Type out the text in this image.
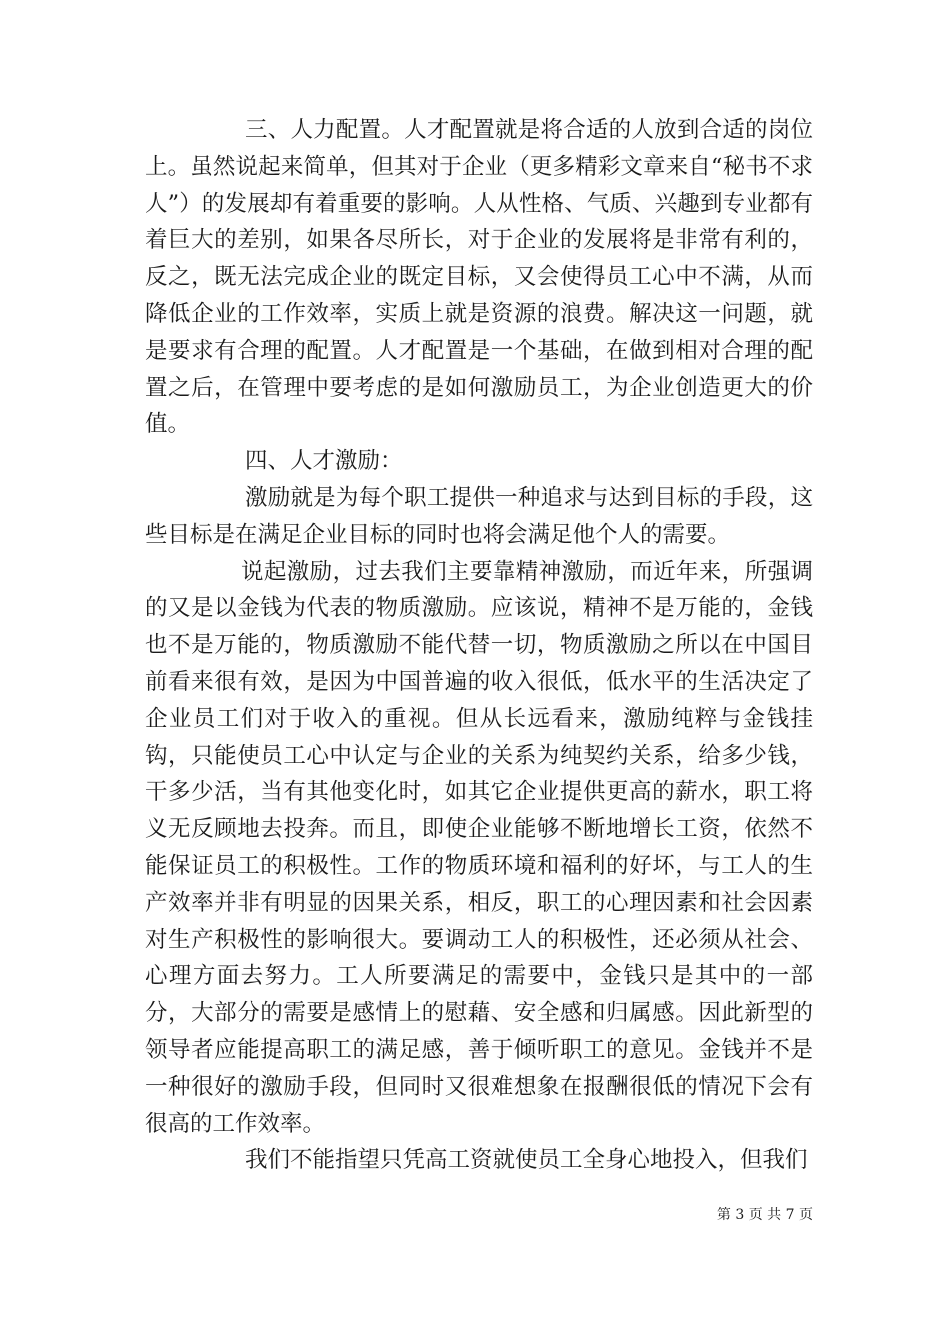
三、人力配置。人才配置就是将合适的人放到合适的岗位上。虽然说起来简单，但其对于企业（更多精彩文章来自“秘书不求人”）的发展却有着重要的影响。人从性格、气质、兴趣到专业都有着巨大的差别，如果各尽所长，对于企业的发展将是非常有利的，反之，既无法完成企业的既定目标，又会使得员工心中不满，从而降低企业的工作效率，实质上就是资源的浪费。解决这一问题，就是要求有合理的配置。人才配置是一个基础，在做到相对合理的配置之后，在管理中要考虑的是如何激励员工，为企业创造更大的价值。

四、人才激励：

激励就是为每个职工提供一种追求与达到目标的手段，这些目标是在满足企业目标的同时也将会满足他个人的需要。

说起激励，过去我们主要靠精神激励，而近年来，所强调的又是以金钱为代表的物质激励。应该说，精神不是万能的，金钱也不是万能的，物质激励不能代替一切，物质激励之所以在中国目前看来很有效，是因为中国普遍的收入很低，低水平的生活决定了企业员工们对于收入的重视。但从长远看来，激励纯粹与金钱挂钩，只能使员工心中认定与企业的关系为纯契约关系，给多少钱，干多少活，当有其他变化时，如其它企业提供更高的薪水，职工将义无反顾地去投奔。而且，即使企业能够不断地增长工资，依然不能保证员工的积极性。工作的物质环境和福利的好坏，与工人的生产效率并非有明显的因果关系，相反，职工的心理因素和社会因素对生产积极性的影响很大。要调动工人的积极性，还必须从社会、心理方面去努力。工人所要满足的需要中，金钱只是其中的一部分，大部分的需要是感情上的慰藉、安全感和归属感。因此新型的领导者应能提高职工的满足感，善于倾听职工的意见。金钱并不是一种很好的激励手段，但同时又很难想象在报酬很低的情况下会有很高的工作效率。

我们不能指望只凭高工资就使员工全身心地投入，但我们

第 3 页 共 7 页
